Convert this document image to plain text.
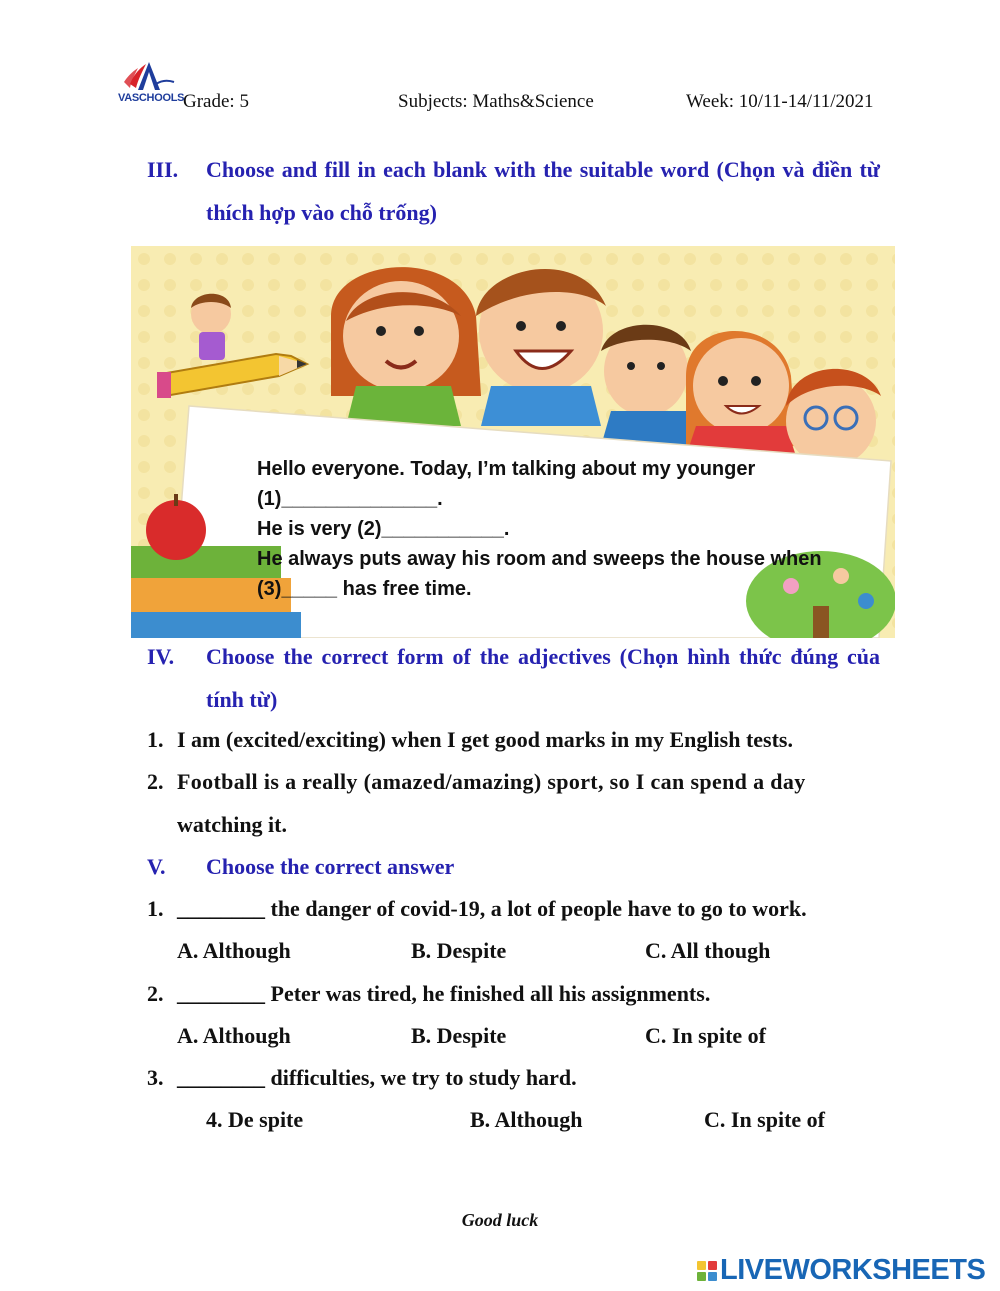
VASCHOOLS
Grade: 5	Subjects: Maths&Science	Week: 10/11-14/11/2021
III. Choose and fill in each blank with the suitable word (Chọn và điền từ thích hợp vào chỗ trống)
Hello everyone. Today, I’m talking about my younger
(1)______________.
He is very (2)___________.
He always puts away his room and sweeps the house when
(3)_____ has free time.
IV. Choose the correct form of the adjectives (Chọn hình thức đúng của tính từ)
1. I am (excited/exciting) when I get good marks in my English tests.
2. Football is a really (amazed/amazing) sport, so I can spend a day
watching it.
V. Choose the correct answer
1. ________ the danger of covid-19, a lot of people have to go to work.
A. Although	B. Despite	C. All though
2. ________ Peter was tired, he finished all his assignments.
A. Although	B. Despite	C. In spite of
3. ________ difficulties, we try to study hard.
4. De spite	B. Although	C. In spite of
Good luck
LIVEWORKSHEETS
